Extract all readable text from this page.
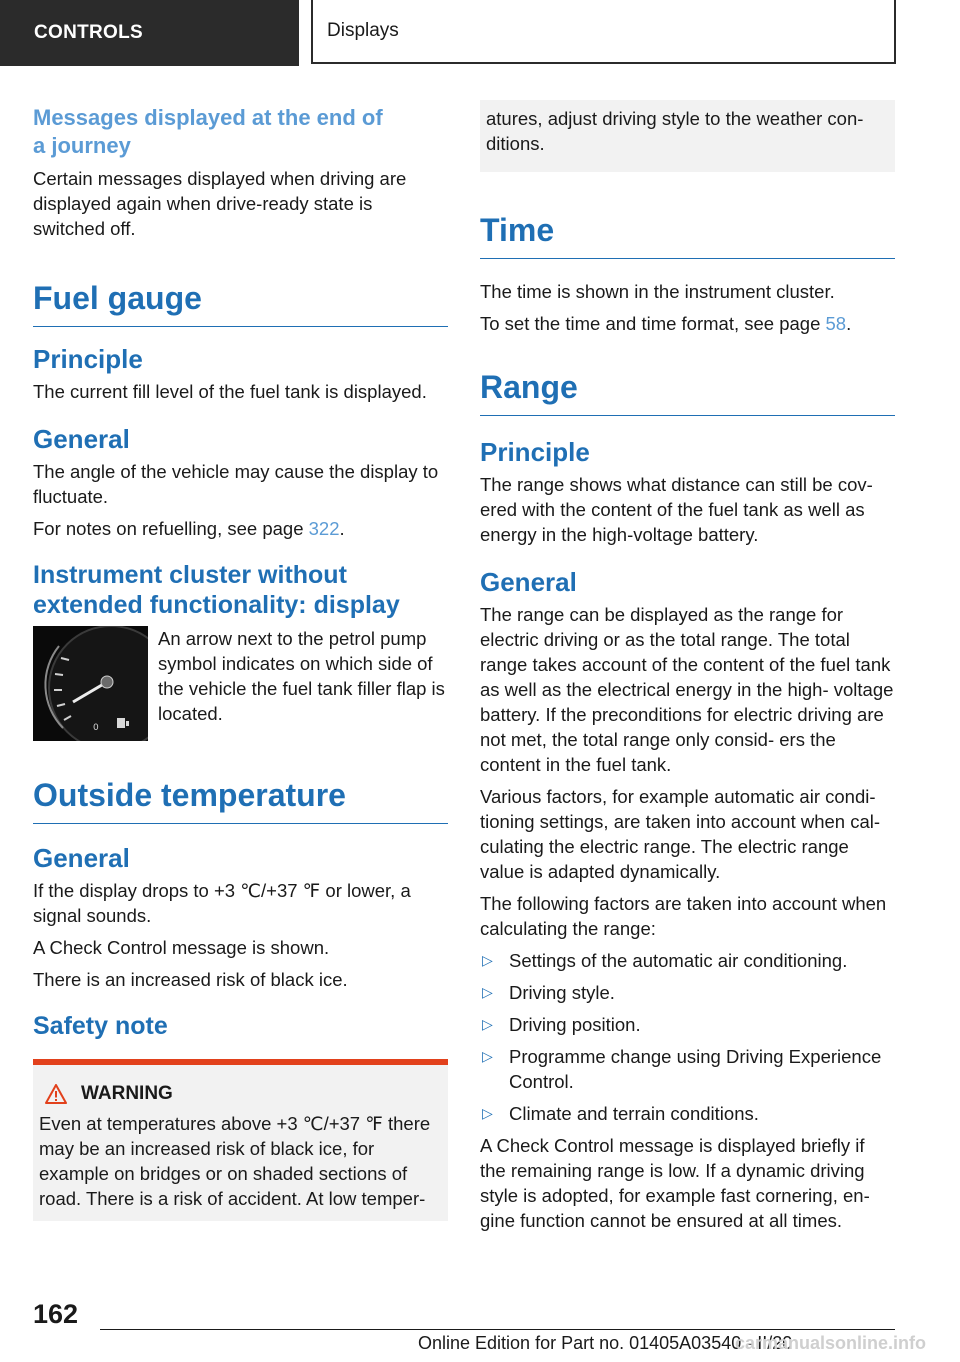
CONTROLS	Displays
Messages displayed at the end of
a journey

Certain messages displayed when driving are displayed again when drive-ready state is switched off.

Fuel gauge
Principle

The current fill level of the fuel tank is displayed.

General

The angle of the vehicle may cause the display to fluctuate.

For notes on refuelling, see page 322.

Instrument cluster without
extended functionality: display
0

An arrow next to the petrol pump symbol indicates on which side of the vehicle the fuel tank filler flap is located.

Outside temperature
General

If the display drops to +3 ℃/+37 ℉ or lower, a signal sounds.

A Check Control message is shown.

There is an increased risk of black ice.

Safety note
WARNING

Even at temperatures above +3 ℃/+37 ℉ there may be an increased risk of black ice, for example on bridges or on shaded sections of road. There is a risk of accident. At low temper-

atures, adjust driving style to the weather con- ditions.

Time

The time is shown in the instrument cluster.

To set the time and time format, see page 58.

Range
Principle

The range shows what distance can still be cov- ered with the content of the fuel tank as well as energy in the high-voltage battery.

General

The range can be displayed as the range for electric driving or as the total range. The total range takes account of the content of the fuel tank as well as the electrical energy in the high- voltage battery. If the preconditions for electric driving are not met, the total range only consid- ers the content in the fuel tank.

Various factors, for example automatic air condi- tioning settings, are taken into account when cal- culating the electric range. The electric range value is adapted dynamically.

The following factors are taken into account when calculating the range:

▷ Settings of the automatic air conditioning.
▷ Driving style.
▷ Driving position.
▷ Programme change using Driving Experience Control.
▷ Climate and terrain conditions.

A Check Control message is displayed briefly if the remaining range is low. If a dynamic driving style is adopted, for example fast cornering, en- gine function cannot be ensured at all times.

162
Online Edition for Part no. 01405A03540 - II/20
carmanualsonline.info
